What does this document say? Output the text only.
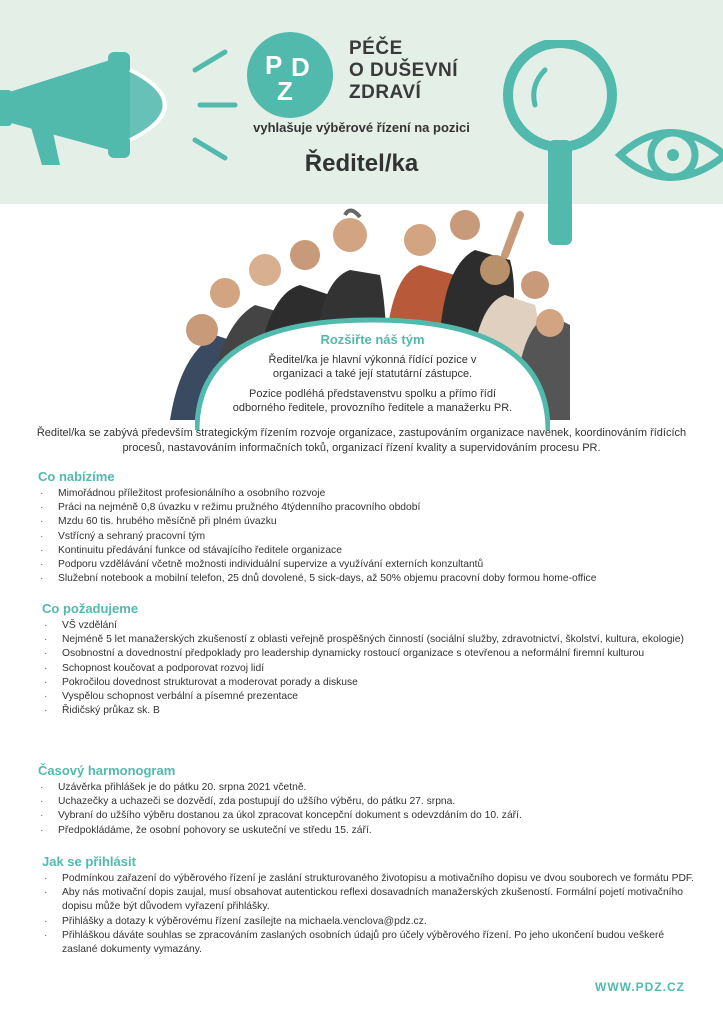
P D
Z
PÉČE
O DUŠEVNÍ
ZDRAVÍ
vyhlašuje výběrové řízení na pozici
Ředitel/ka
Rozšiřte náš tým
Ředitel/ka je hlavní výkonná řídící pozice v organizaci a také její statutární zástupce.
Pozice podléhá představenstvu spolku a přímo řídí odborného ředitele, provozního ředitele a manažerku PR.
Ředitel/ka se zabývá především strategickým řízením rozvoje organizace, zastupováním organizace navenek, koordinováním řídících procesů, nastavováním informačních toků, organizací řízení kvality a supervidováním procesu PR.
Co nabízíme
· Mimořádnou příležitost profesionálního a osobního rozvoje
· Práci na nejméně 0,8 úvazku v režimu pružného 4týdenního pracovního období
· Mzdu 60 tis. hrubého měsíčně při plném úvazku
· Vstřícný a sehraný pracovní tým
· Kontinuitu předávání funkce od stávajícího ředitele organizace
· Podporu vzdělávání včetně možnosti individuální supervize a využívání externích konzultantů
· Služební notebook a mobilní telefon, 25 dnů dovolené, 5 sick-days, až 50% objemu pracovní doby formou home-office
Co požadujeme
· VŠ vzdělání
· Nejméně 5 let manažerských zkušeností z oblasti veřejně prospěšných činností (sociální služby, zdravotnictví, školství, kultura, ekologie)
· Osobnostní a dovednostní předpoklady pro leadership dynamicky rostoucí organizace s otevřenou a neformální firemní kulturou
· Schopnost koučovat a podporovat rozvoj lidí
· Pokročilou dovednost strukturovat a moderovat porady a diskuse
· Vyspělou schopnost verbální a písemné prezentace
· Řidičský průkaz sk. B
Časový harmonogram
· Uzávěrka přihlášek je do pátku 20. srpna 2021 včetně.
· Uchazečky a uchazeči se dozvědí, zda postupují do užšího výběru, do pátku 27. srpna.
· Vybraní do užšího výběru dostanou za úkol zpracovat koncepční dokument s odevzdáním do 10. září.
· Předpokládáme, že osobní pohovory se uskuteční ve středu 15. září.
Jak se přihlásit
· Podmínkou zařazení do výběrového řízení je zaslání strukturovaného životopisu a motivačního dopisu ve dvou souborech ve formátu PDF.
· Aby nás motivační dopis zaujal, musí obsahovat autentickou reflexi dosavadních manažerských zkušeností. Formální pojetí motivačního dopisu může být důvodem vyřazení přihlášky.
· Přihlášky a dotazy k výběrovému řízení zasílejte na michaela.venclova@pdz.cz.
· Přihláškou dáváte souhlas se zpracováním zaslaných osobních údajů pro účely výběrového řízení. Po jeho ukončení budou veškeré zaslané dokumenty vymazány.
WWW.PDZ.CZ
